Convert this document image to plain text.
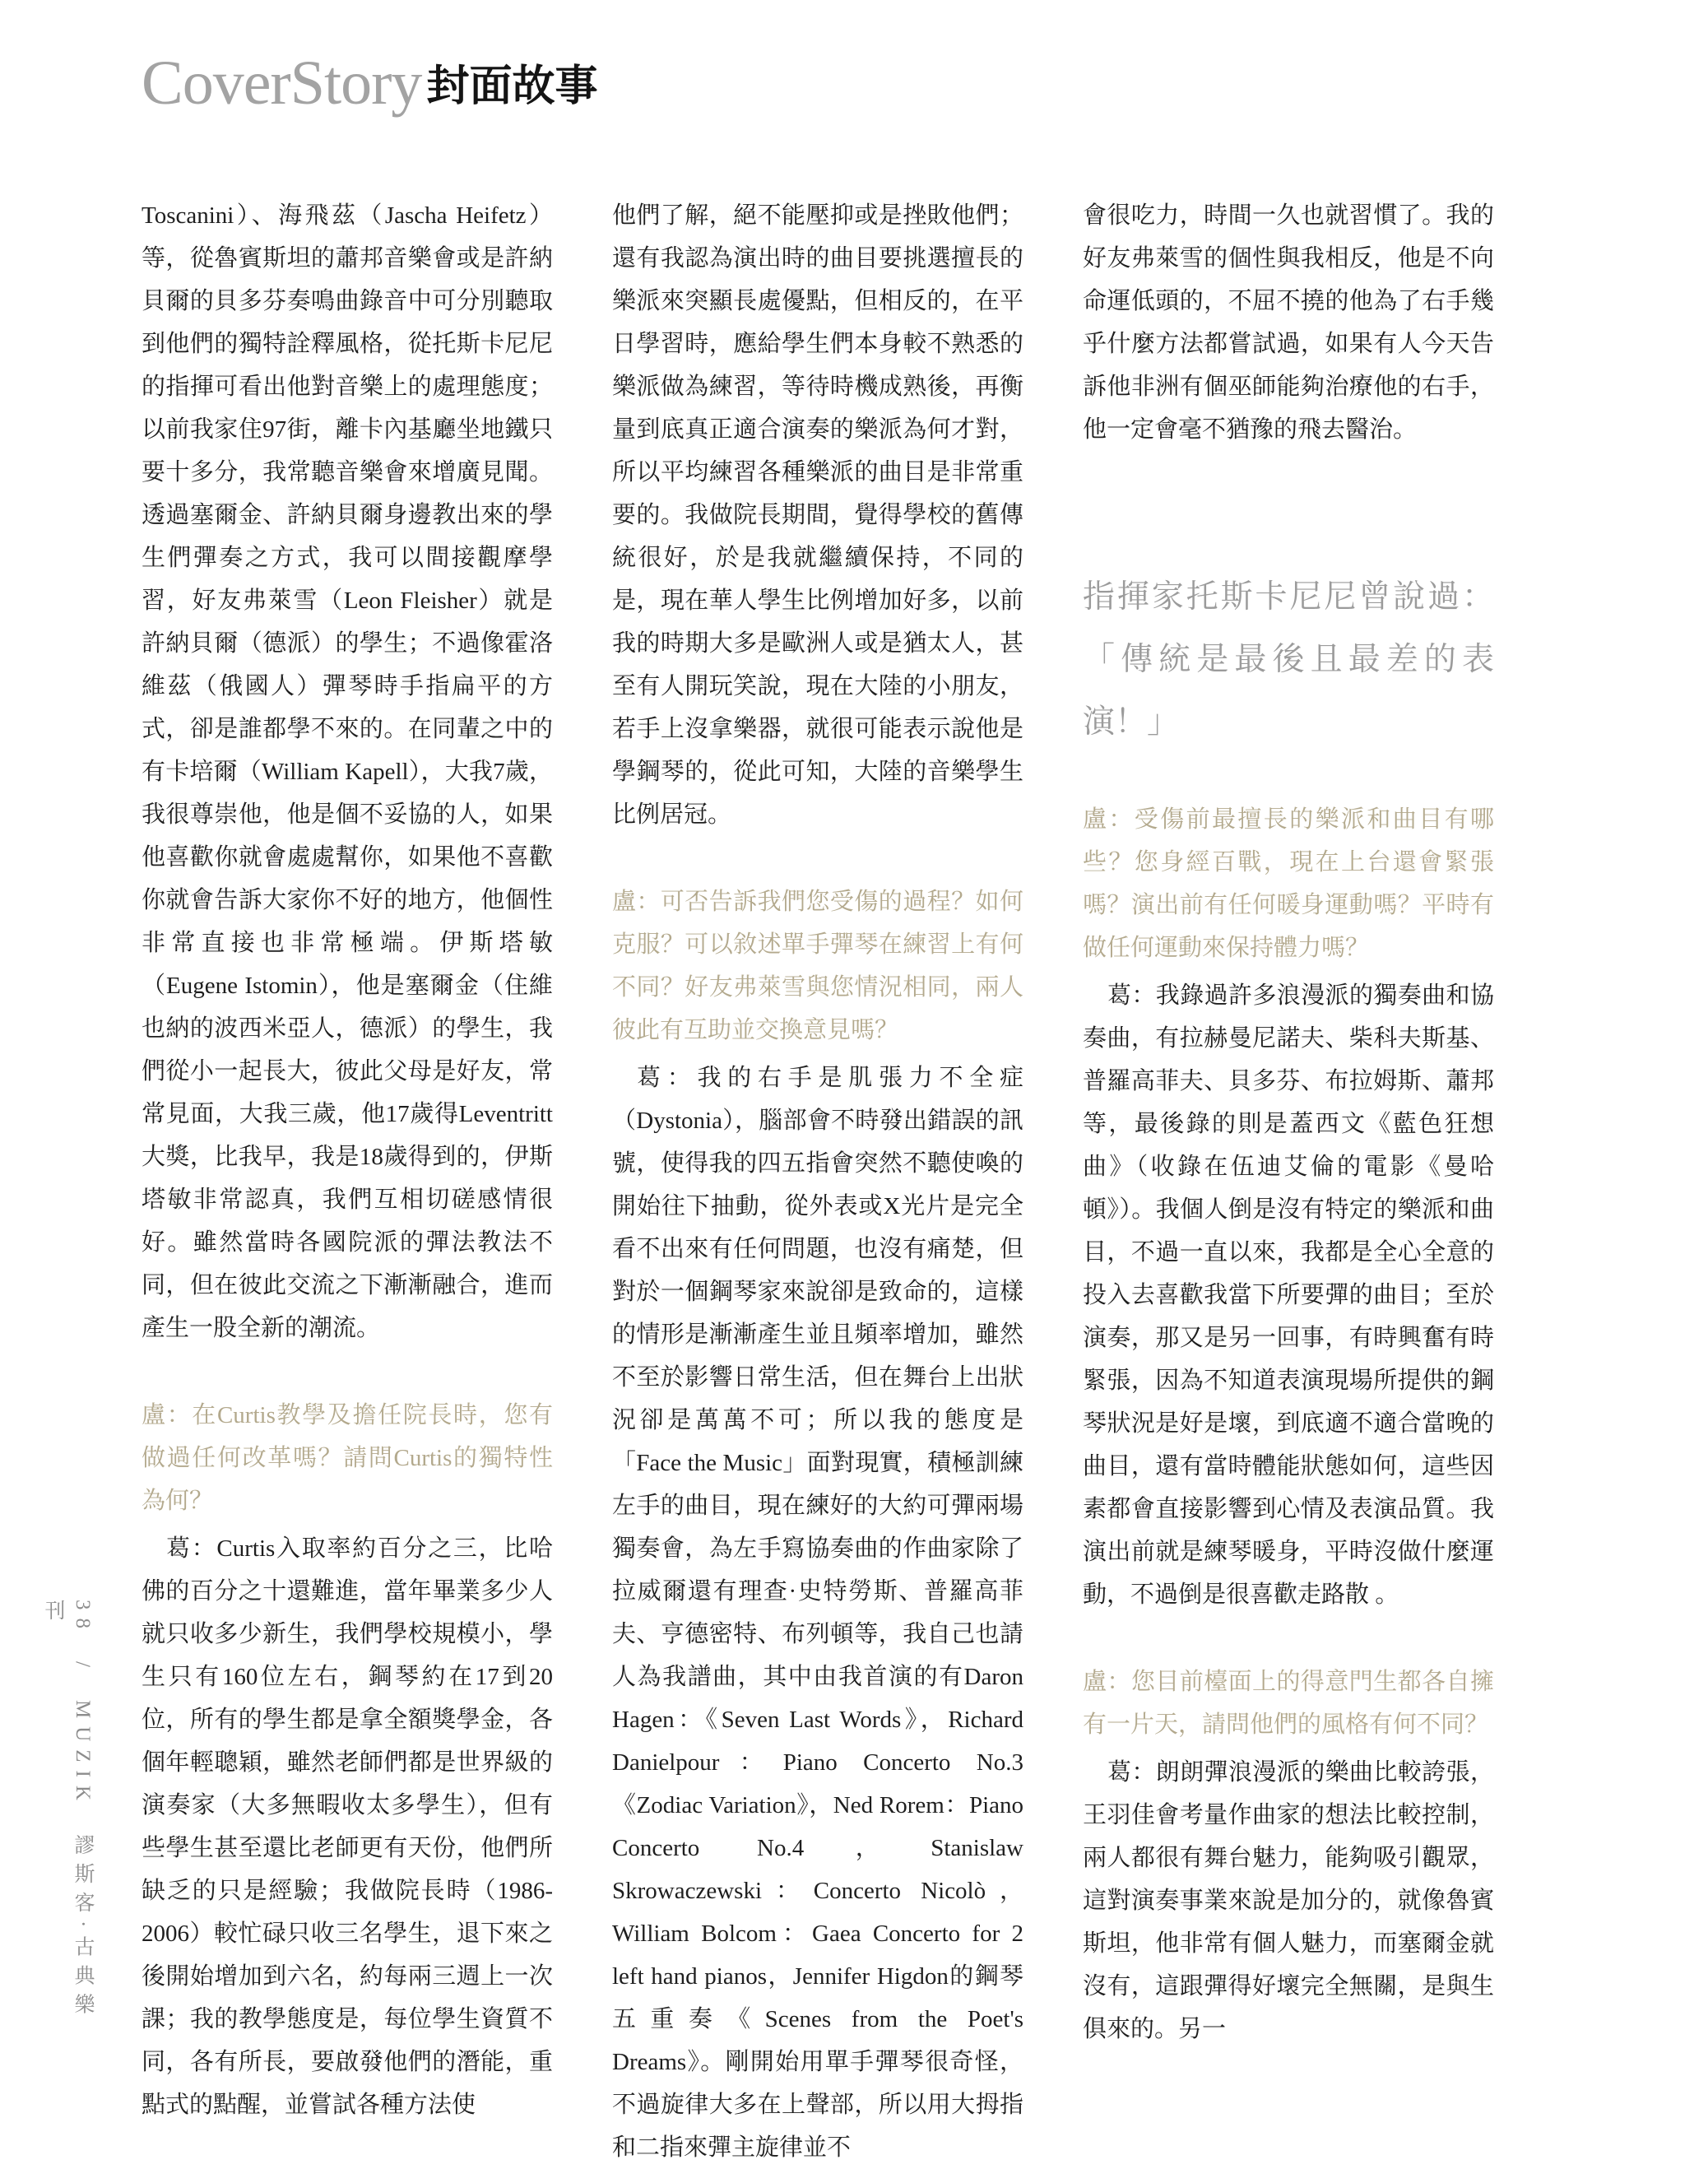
CoverStory 封面故事
38 / MUZIK 謬斯客·古典樂刊

Toscanini）、海飛茲（Jascha Heifetz）等，從魯賓斯坦的蕭邦音樂會或是許納貝爾的貝多芬奏鳴曲錄音中可分別聽取到他們的獨特詮釋風格，從托斯卡尼尼的指揮可看出他對音樂上的處理態度；以前我家住97街，離卡內基廳坐地鐵只要十多分，我常聽音樂會來增廣見聞。透過塞爾金、許納貝爾身邊教出來的學生們彈奏之方式，我可以間接觀摩學習，好友弗萊雪（Leon Fleisher）就是許納貝爾（德派）的學生；不過像霍洛維茲（俄國人）彈琴時手指扁平的方式，卻是誰都學不來的。在同輩之中的有卡培爾（William Kapell），大我7歲，我很尊崇他，他是個不妥協的人，如果他喜歡你就會處處幫你，如果他不喜歡你就會告訴大家你不好的地方，他個性非常直接也非常極端。伊斯塔敏（Eugene Istomin），他是塞爾金（住維也納的波西米亞人，德派）的學生，我們從小一起長大，彼此父母是好友，常常見面，大我三歲，他17歲得Leventritt大獎，比我早，我是18歲得到的，伊斯塔敏非常認真，我們互相切磋感情很好。雖然當時各國院派的彈法教法不同，但在彼此交流之下漸漸融合，進而產生一股全新的潮流。

盧：在Curtis教學及擔任院長時，您有做過任何改革嗎？請問Curtis的獨特性為何？

葛：Curtis入取率約百分之三，比哈佛的百分之十還難進，當年畢業多少人就只收多少新生，我們學校規模小，學生只有160位左右，鋼琴約在17到20位，所有的學生都是拿全額獎學金，各個年輕聰穎，雖然老師們都是世界級的演奏家（大多無暇收太多學生），但有些學生甚至還比老師更有天份，他們所缺乏的只是經驗；我做院長時（1986-2006）較忙碌只收三名學生，退下來之後開始增加到六名，約每兩三週上一次課；我的教學態度是，每位學生資質不同，各有所長，要啟發他們的潛能，重點式的點醒，並嘗試各種方法使

他們了解，絕不能壓抑或是挫敗他們；還有我認為演出時的曲目要挑選擅長的樂派來突顯長處優點，但相反的，在平日學習時，應給學生們本身較不熟悉的樂派做為練習，等待時機成熟後，再衡量到底真正適合演奏的樂派為何才對，所以平均練習各種樂派的曲目是非常重要的。我做院長期間，覺得學校的舊傳統很好，於是我就繼續保持，不同的是，現在華人學生比例增加好多，以前我的時期大多是歐洲人或是猶太人，甚至有人開玩笑說，現在大陸的小朋友，若手上沒拿樂器，就很可能表示說他是學鋼琴的，從此可知，大陸的音樂學生比例居冠。

盧：可否告訴我們您受傷的過程？如何克服？可以敘述單手彈琴在練習上有何不同？好友弗萊雪與您情況相同，兩人彼此有互助並交換意見嗎？

葛：我的右手是肌張力不全症（Dystonia），腦部會不時發出錯誤的訊號，使得我的四五指會突然不聽使喚的開始往下抽動，從外表或X光片是完全看不出來有任何問題，也沒有痛楚，但對於一個鋼琴家來說卻是致命的，這樣的情形是漸漸產生並且頻率增加，雖然不至於影響日常生活，但在舞台上出狀況卻是萬萬不可；所以我的態度是「Face the Music」面對現實，積極訓練左手的曲目，現在練好的大約可彈兩場獨奏會，為左手寫協奏曲的作曲家除了拉威爾還有理查·史特勞斯、普羅高菲夫、亨德密特、布列頓等，我自己也請人為我譜曲，其中由我首演的有Daron Hagen：《Seven Last Words》，Richard Danielpour：Piano Concerto No.3 《Zodiac Variation》，Ned Rorem：Piano Concerto No.4，Stanislaw Skrowaczewski：Concerto Nicolò，William Bolcom：Gaea Concerto for 2 left hand pianos，Jennifer Higdon的鋼琴五重奏《Scenes from the Poet's Dreams》。剛開始用單手彈琴很奇怪，不過旋律大多在上聲部，所以用大拇指和二指來彈主旋律並不

會很吃力，時間一久也就習慣了。我的好友弗萊雪的個性與我相反，他是不向命運低頭的，不屈不撓的他為了右手幾乎什麼方法都嘗試過，如果有人今天告訴他非洲有個巫師能夠治療他的右手，他一定會毫不猶豫的飛去醫治。

指揮家托斯卡尼尼曾說過：「傳統是最後且最差的表演！」

盧：受傷前最擅長的樂派和曲目有哪些？您身經百戰，現在上台還會緊張嗎？演出前有任何暖身運動嗎？平時有做任何運動來保持體力嗎？

葛：我錄過許多浪漫派的獨奏曲和協奏曲，有拉赫曼尼諾夫、柴科夫斯基、普羅高菲夫、貝多芬、布拉姆斯、蕭邦等，最後錄的則是蓋西文《藍色狂想曲》（收錄在伍迪艾倫的電影《曼哈頓》）。我個人倒是沒有特定的樂派和曲目，不過一直以來，我都是全心全意的投入去喜歡我當下所要彈的曲目；至於演奏，那又是另一回事，有時興奮有時緊張，因為不知道表演現場所提供的鋼琴狀況是好是壞，到底適不適合當晚的曲目，還有當時體能狀態如何，這些因素都會直接影響到心情及表演品質。我演出前就是練琴暖身，平時沒做什麼運動，不過倒是很喜歡走路散 。

盧：您目前檯面上的得意門生都各自擁有一片天，請問他們的風格有何不同？

葛：朗朗彈浪漫派的樂曲比較誇張，王羽佳會考量作曲家的想法比較控制，兩人都很有舞台魅力，能夠吸引觀眾，這對演奏事業來說是加分的，就像魯賓斯坦，他非常有個人魅力，而塞爾金就沒有，這跟彈得好壞完全無關，是與生俱來的。另一
